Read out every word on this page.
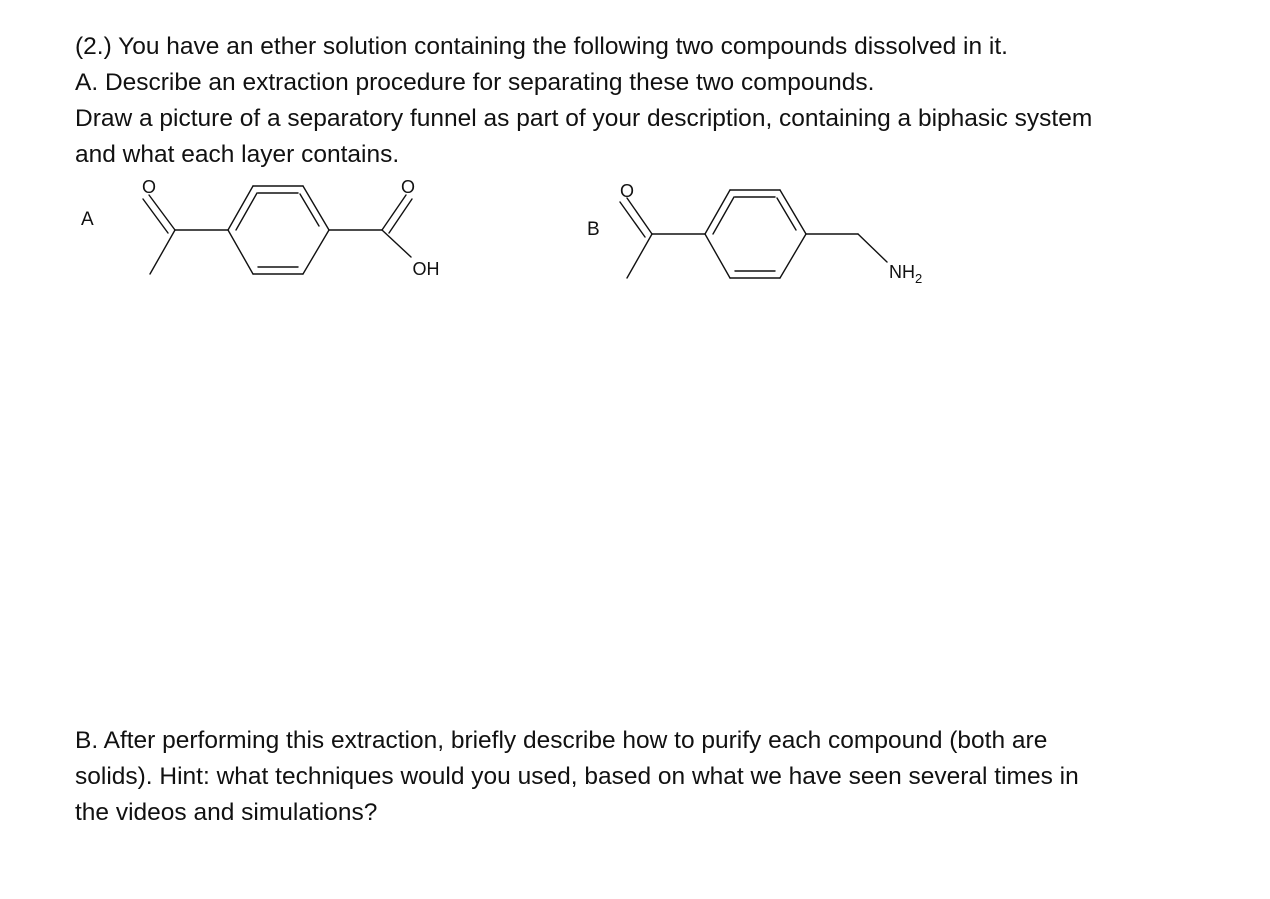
(2.) You have an ether solution containing the following two compounds dissolved in it.
A. Describe an extraction procedure for separating these two compounds.
Draw a picture of a separatory funnel as part of your description, containing a biphasic system
and what each layer contains.
A	B
O	O
OH
O
$NH_2$
B. After performing this extraction, briefly describe how to purify each compound (both are
solids). Hint: what techniques would you used, based on what we have seen several times in
the videos and simulations?
